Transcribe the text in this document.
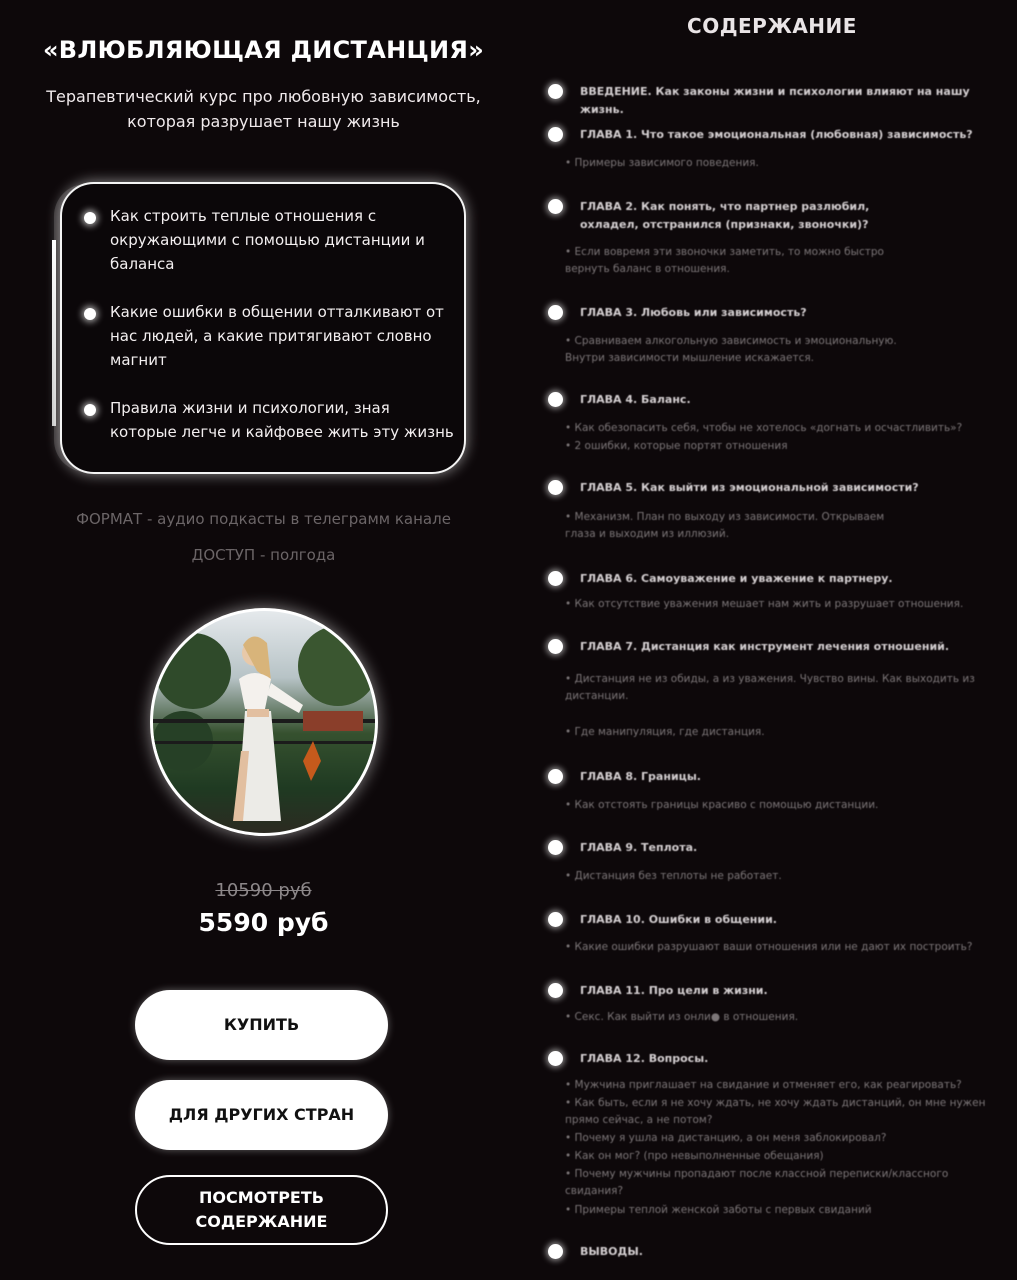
«ВЛЮБЛЯЮЩАЯ ДИСТАНЦИЯ»
Терапевтический курс про любовную зависимость, которая разрушает нашу жизнь
Как строить теплые отношения с окружающими с помощью дистанции и баланса
Какие ошибки в общении отталкивают от нас людей, а какие притягивают словно магнит
Правила жизни и психологии, зная которые легче и кайфовее жить эту жизнь
ФОРМАТ - аудио подкасты в телеграмм канале
ДОСТУП - полгода
10590 руб
5590 руб
КУПИТЬ
ДЛЯ ДРУГИХ СТРАН
ПОСМОТРЕТЬ СОДЕРЖАНИЕ
СОДЕРЖАНИЕ
ВВЕДЕНИЕ. Как законы жизни и психологии влияют на нашу жизнь.
ГЛАВА 1. Что такое эмоциональная (любовная) зависимость?
• Примеры зависимого поведения.
ГЛАВА 2. Как понять, что партнер разлюбил, охладел, отстранился (признаки, звоночки)?
• Если вовремя эти звоночки заметить, то можно быстро вернуть баланс в отношения.
ГЛАВА 3. Любовь или зависимость?
• Сравниваем алкогольную зависимость и эмоциональную. Внутри зависимости мышление искажается.
ГЛАВА 4. Баланс.
• Как обезопасить себя, чтобы не хотелось «догнать и осчастливить»?
• 2 ошибки, которые портят отношения
ГЛАВА 5. Как выйти из эмоциональной зависимости?
• Механизм. План по выходу из зависимости. Открываем глаза и выходим из иллюзий.
ГЛАВА 6. Самоуважение и уважение к партнеру.
• Как отсутствие уважения мешает нам жить и разрушает отношения.
ГЛАВА 7. Дистанция как инструмент лечения отношений.
• Дистанция не из обиды, а из уважения. Чувство вины. Как выходить из дистанции.
• Где манипуляция, где дистанция.
ГЛАВА 8. Границы.
• Как отстоять границы красиво с помощью дистанции.
ГЛАВА 9. Теплота.
• Дистанция без теплоты не работает.
ГЛАВА 10. Ошибки в общении.
• Какие ошибки разрушают ваши отношения или не дают их построить?
ГЛАВА 11. Про цели в жизни.
• Секс. Как выйти из онли● в отношения.
ГЛАВА 12. Вопросы.
• Мужчина приглашает на свидание и отменяет его, как реагировать?
• Как быть, если я не хочу ждать, не хочу ждать дистанций, он мне нужен прямо сейчас, а не потом?
• Почему я ушла на дистанцию, а он меня заблокировал?
• Как он мог? (про невыполненные обещания)
• Почему мужчины пропадают после классной переписки/классного свидания?
• Примеры теплой женской заботы с первых свиданий
ВЫВОДЫ.
